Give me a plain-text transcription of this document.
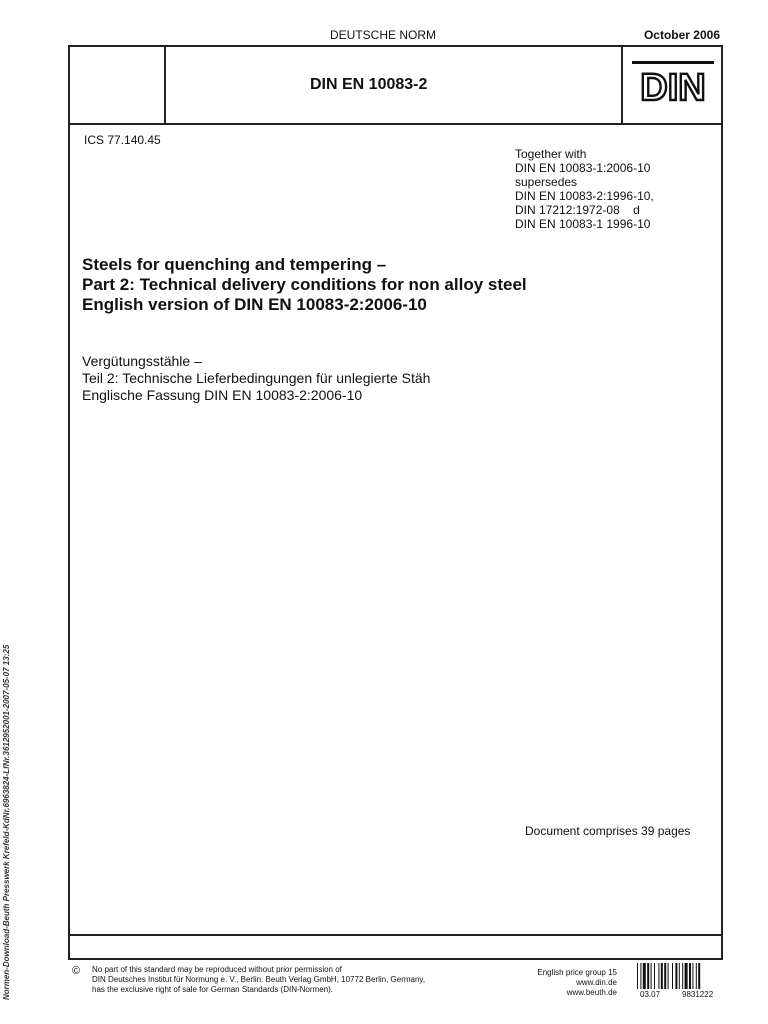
DEUTSCHE NORM	October 2006
DIN EN 10083-2	DIN
ICS 77.140.45
Together with
DIN EN 10083-1:2006-10
supersedes
DIN EN 10083-2:1996-10,
DIN 17212:1972-08    d
DIN EN 10083-1 1996-10
Steels for quenching and tempering –
Part 2: Technical delivery conditions for non alloy steel
English version of DIN EN 10083-2:2006-10
Vergütungsstähle –
Teil 2: Technische Lieferbedingungen für unlegierte Stäh
Englische Fassung DIN EN 10083-2:2006-10
Document comprises 39 pages
Normen-Download-Beuth Presswerk Krefeld-KdNr.6963824-LfNr.3612952001-2007-05-07 13:25	© No part of this standard may be reproduced without prior permission of
DIN Deutsches Institut für Normung e. V., Berlin. Beuth Verlag GmbH, 10772 Berlin, Germany,
has the exclusive right of sale for German Standards (DIN-Normen).
English price group 15
www.din.de
www.beuth.de	03.07	9831222
